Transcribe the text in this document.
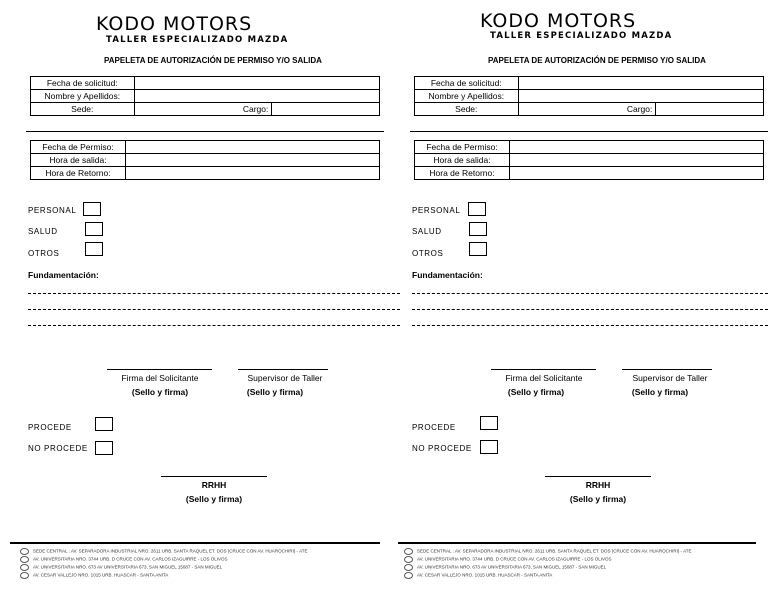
KODO MOTORS
TALLER ESPECIALIZADO MAZDA
PAPELETA DE AUTORIZACIÓN DE PERMISO Y/O SALIDA
Fecha de solicitud:		
Nombre y Apellidos:		
Sede:	Cargo:	
Fecha de Permiso:	
Hora de salida:	
Hora de Retorno:	
PERSONAL
SALUD
OTROS
Fundamentación:
Firma del Solicitante
(Sello y firma)
Supervisor de Taller
(Sello y firma)
PROCEDE
NO PROCEDE
RRHH
(Sello y firma)
SEDE CENTRAL : AV. SEPARADORA INDUSTRIAL NRO. 2611 URB. SANTA RAQUEL ET. DOS (CRUCE CON AV. HUAROCHIRI) - ATE
AV. UNIVERSITARIA NRO. 3744 URB. D CRUCE CON AV. CARLOS IZAGUIRRE - LOS OLIVOS
AV. UNIVERSITARIA NRO. 673 AV UNIVERSITARIA 673, SAN MIGUEL 15087 - SAN MIGUEL
AV. CESAR VALLEJO NRO. 1015 URB. HUASCAR - SANTA ANITA
KODO MOTORS
TALLER ESPECIALIZADO MAZDA
PAPELETA DE AUTORIZACIÓN DE PERMISO Y/O SALIDA
Fecha de solicitud:		
Nombre y Apellidos:		
Sede:	Cargo:	
Fecha de Permiso:	
Hora de salida:	
Hora de Retorno:	
PERSONAL
SALUD
OTROS
Fundamentación:
Firma del Solicitante
(Sello y firma)
Supervisor de Taller
(Sello y firma)
PROCEDE
NO PROCEDE
RRHH
(Sello y firma)
SEDE CENTRAL : AV. SEPARADORA INDUSTRIAL NRO. 2611 URB. SANTA RAQUEL ET. DOS (CRUCE CON AV. HUAROCHIRI) - ATE
AV. UNIVERSITARIA NRO. 3744 URB. D CRUCE CON AV. CARLOS IZAGUIRRE - LOS OLIVOS
AV. UNIVERSITARIA NRO. 673 AV UNIVERSITARIA 673, SAN MIGUEL 15087 - SAN MIGUEL
AV. CESAR VALLEJO NRO. 1015 URB. HUASCAR - SANTA ANITA
